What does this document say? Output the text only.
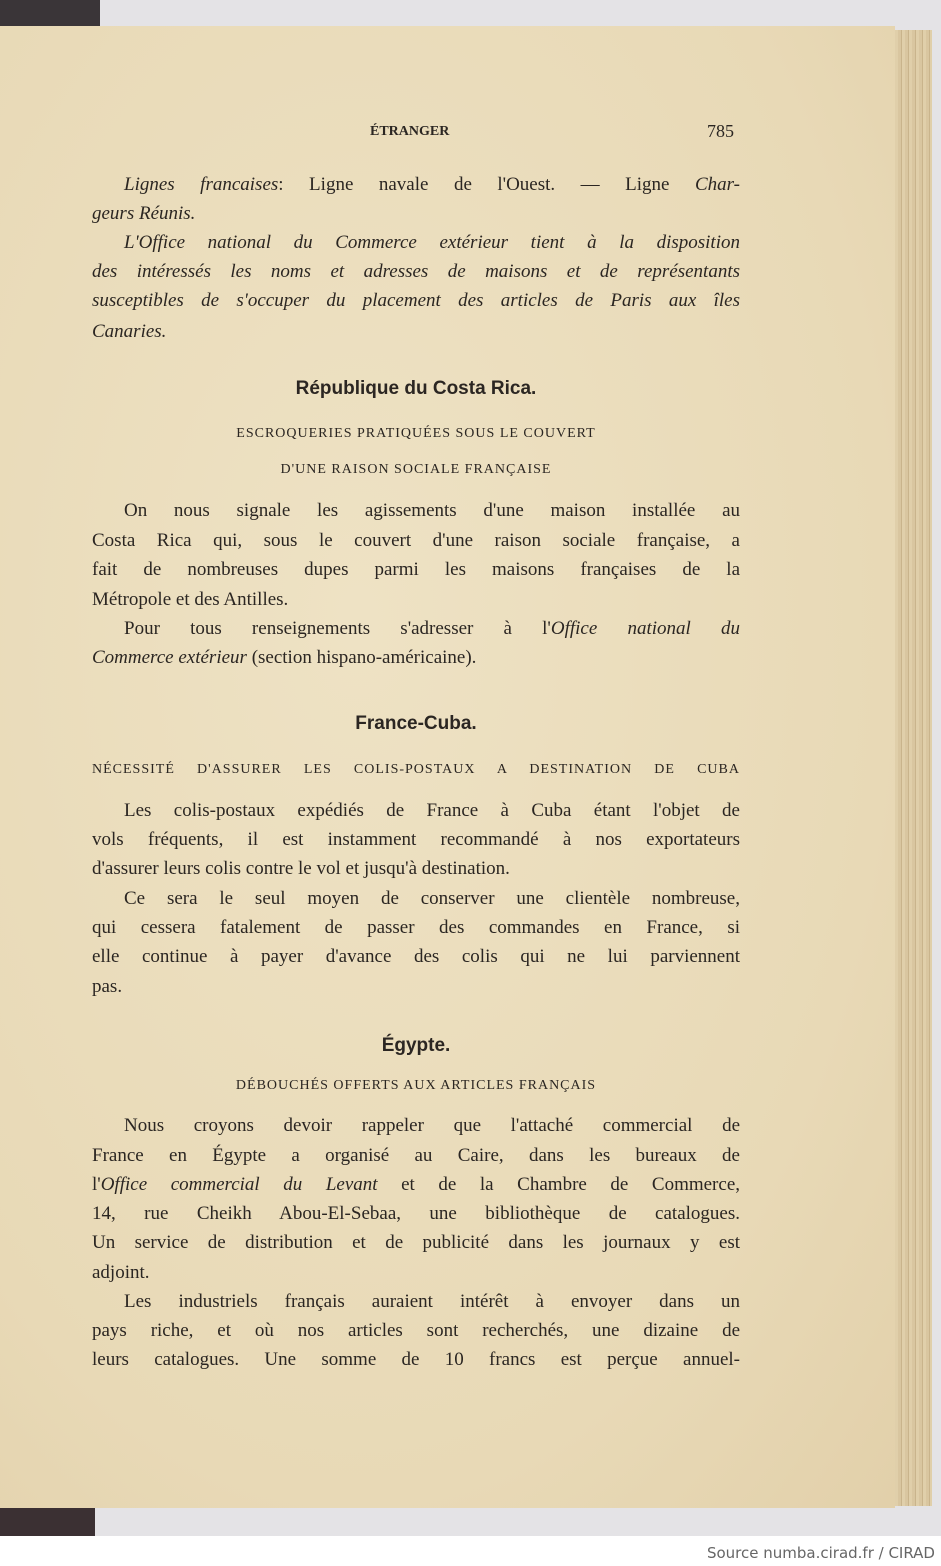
ÉTRANGER	785
Lignes francaises: Ligne navale de l'Ouest. — Ligne Char-
geurs Réunis.
L'Office national du Commerce extérieur tient à la disposition
des intéressés les noms et adresses de maisons et de représentants
susceptibles de s'occuper du placement des articles de Paris aux îles
Canaries.
République du Costa Rica.
ESCROQUERIES PRATIQUÉES SOUS LE COUVERT
D'UNE RAISON SOCIALE FRANÇAISE
On nous signale les agissements d'une maison installée au
Costa Rica qui, sous le couvert d'une raison sociale française, a
fait de nombreuses dupes parmi les maisons françaises de la
Métropole et des Antilles.
Pour tous renseignements s'adresser à l'Office national du
Commerce extérieur (section hispano-américaine).
France-Cuba.
NÉCESSITÉ D'ASSURER LES COLIS-POSTAUX A DESTINATION DE CUBA
Les colis-postaux expédiés de France à Cuba étant l'objet de
vols fréquents, il est instamment recommandé à nos exportateurs
d'assurer leurs colis contre le vol et jusqu'à destination.
Ce sera le seul moyen de conserver une clientèle nombreuse,
qui cessera fatalement de passer des commandes en France, si
elle continue à payer d'avance des colis qui ne lui parviennent
pas.
Égypte.
DÉBOUCHÉS OFFERTS AUX ARTICLES FRANÇAIS
Nous croyons devoir rappeler que l'attaché commercial de
France en Égypte a organisé au Caire, dans les bureaux de
l'Office commercial du Levant et de la Chambre de Commerce,
14, rue Cheikh Abou-El-Sebaa, une bibliothèque de catalogues.
Un service de distribution et de publicité dans les journaux y est
adjoint.
Les industriels français auraient intérêt à envoyer dans un
pays riche, et où nos articles sont recherchés, une dizaine de
leurs catalogues. Une somme de 10 francs est perçue annuel-
Source numba.cirad.fr / CIRAD
